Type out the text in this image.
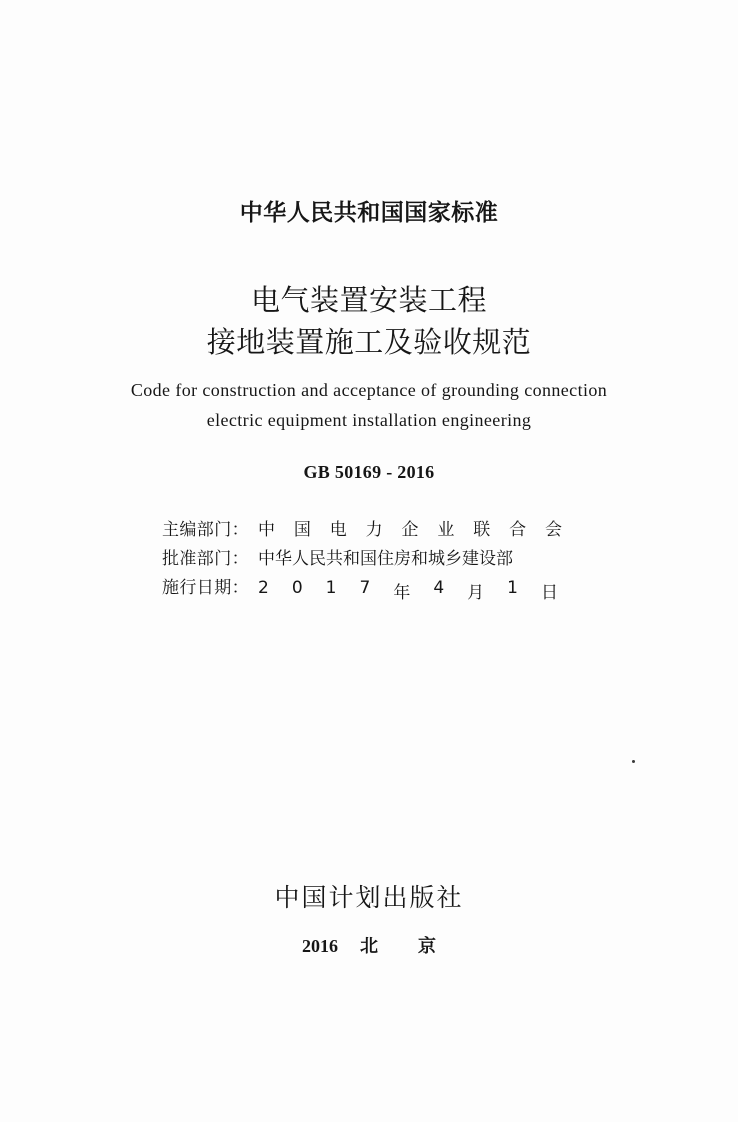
中华人民共和国国家标准
电气装置安装工程
接地装置施工及验收规范
Code for construction and acceptance of grounding connection
electric equipment installation engineering
GB 50169 - 2016
主编部门： 中 国 电 力 企 业 联 合 会
批准部门： 中华人民共和国住房和城乡建设部
施行日期： 2 0 1 7 年 4 月 1 日
中国计划出版社
2016 北 京
